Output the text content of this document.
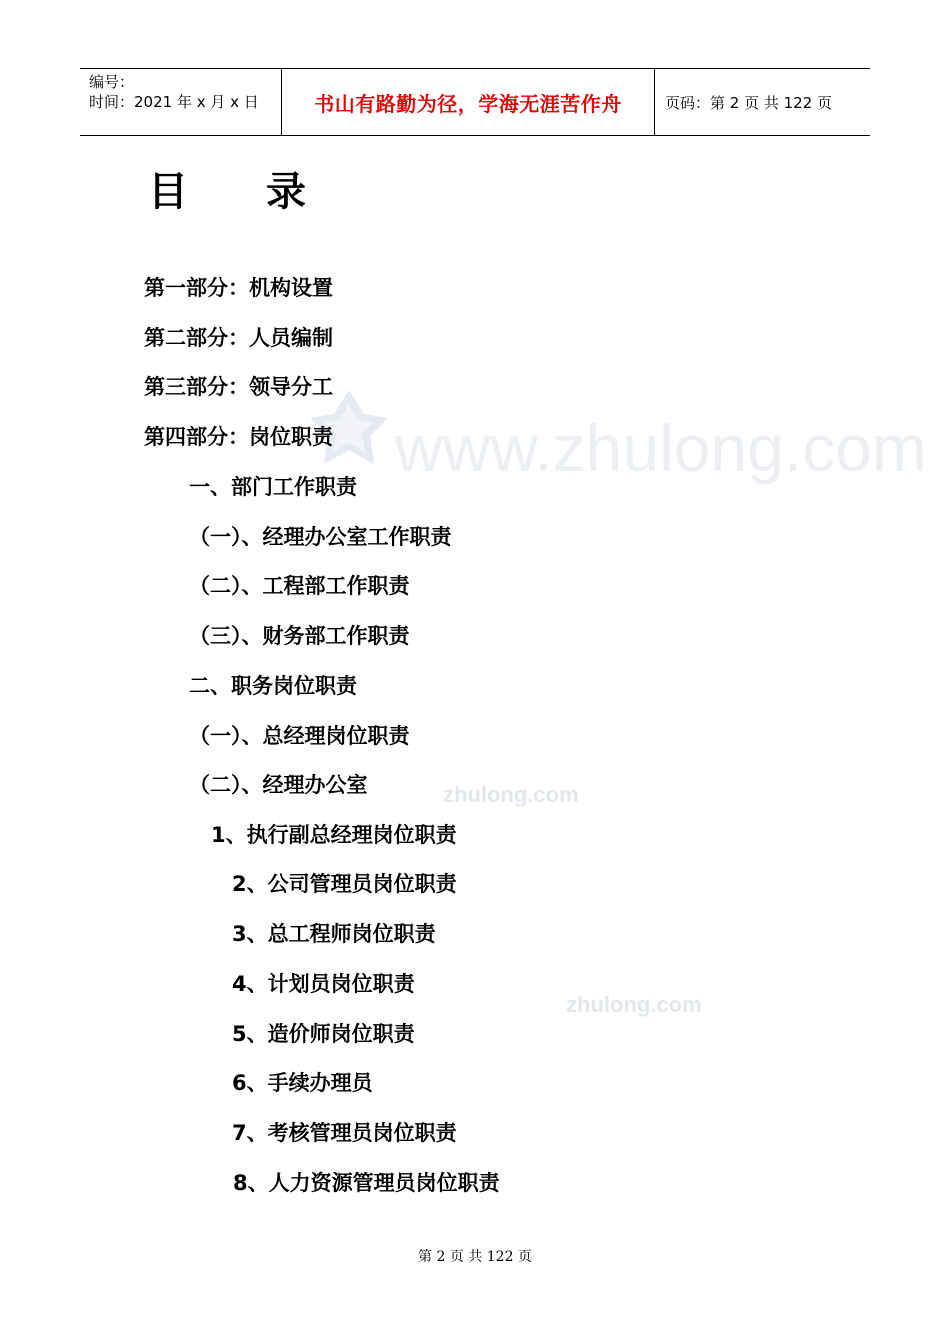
www.zhulong.com
zhulong.com
zhulong.com
编号：
时间：2021 年 x 月 x 日	书山有路勤为径，学海无涯苦作舟	页码：第 2 页 共 122 页
目录
第一部分：机构设置
第二部分：人员编制
第三部分：领导分工
第四部分：岗位职责
一、部门工作职责
（一）、经理办公室工作职责
（二）、工程部工作职责
（三）、财务部工作职责
二、职务岗位职责
（一）、总经理岗位职责
（二）、经理办公室
1、执行副总经理岗位职责
2、公司管理员岗位职责
3、总工程师岗位职责
4、计划员岗位职责
5、造价师岗位职责
6、手续办理员
7、考核管理员岗位职责
8、人力资源管理员岗位职责
第 2 页 共 122 页
